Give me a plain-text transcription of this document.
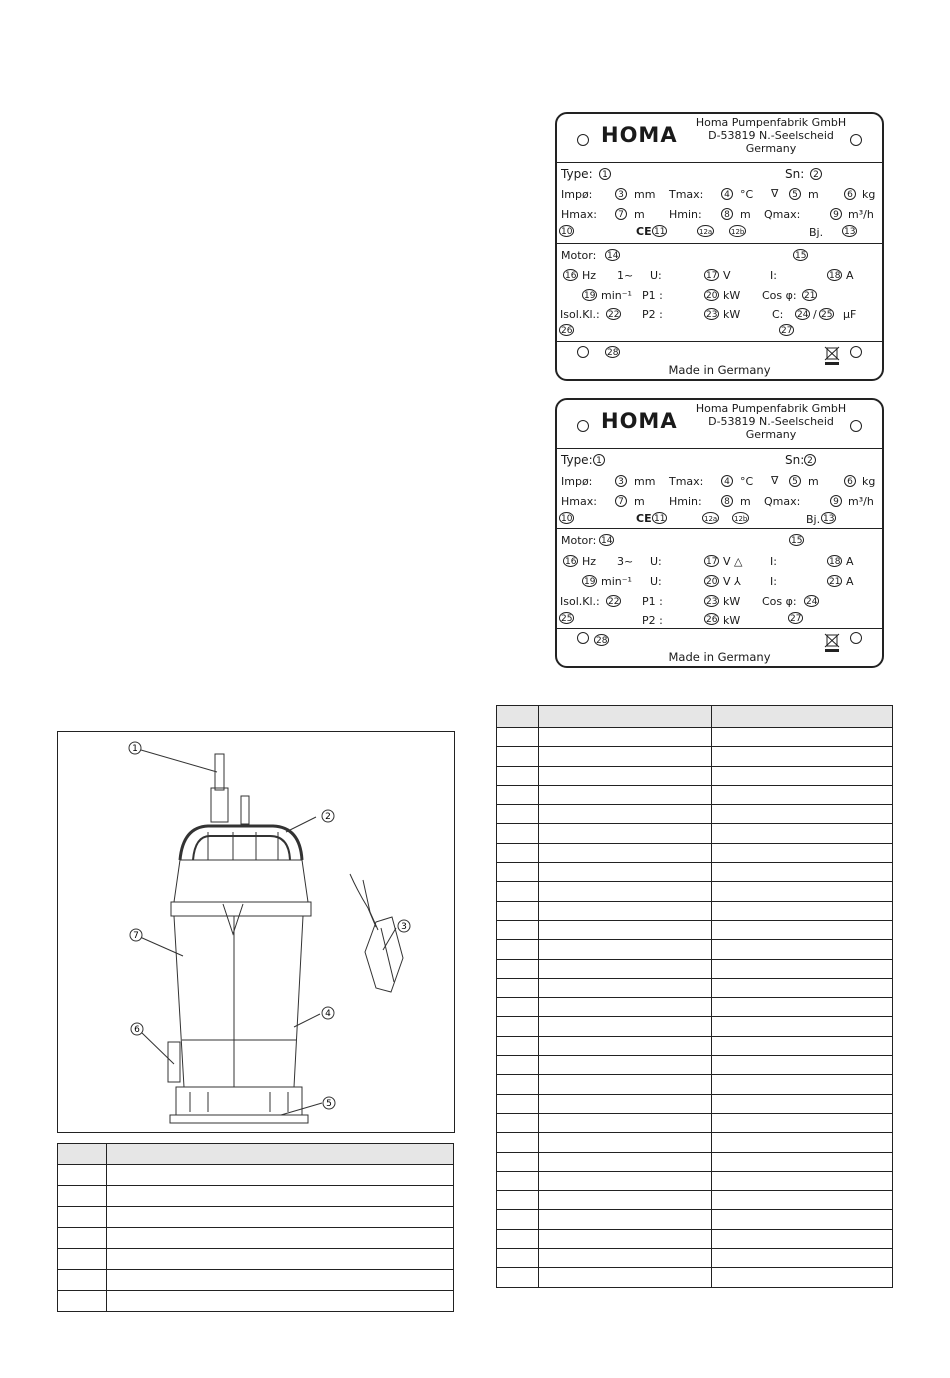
HOMA
Homa Pumpenfabrik GmbH
D-53819 N.-Seelscheid
Germany
Type:	1	Sn: 2
Impø:	3 mm Tmax:	4 °C ∇	5 m	6 kg
Hmax:	7 m Hmin:	8 m Qmax:	9 m³/h
10	CE 11	12a	12b	Bj. 13
Motor: 14	15
16 Hz 1~ U:	17 V	I:	18 A
19 min⁻¹ P1 :	20 kW Cos φ: 21
Isol.Kl.: 22 P2 :	23 kW	C: 24 / 25 µF
26	27
28
Made in Germany
HOMA
Homa Pumpenfabrik GmbH
D-53819 N.-Seelscheid
Germany
Type: 1	Sn: 2
Impø:	3 mm Tmax:	4 °C ∇	5 m	6 kg
Hmax:	7 m Hmin:	8 m Qmax:	9 m³/h
10	CE 11	12a 12b	Bj. 13
Motor: 14	15
16 Hz 3~ U:	17 V △	I:	18 A
19 min⁻¹ U:	20 V ⅄	I:	21 A
Isol.Kl.: 22 P1 :	23 kW Cos φ: 24
25	P2 :	26 kW	27
28
Made in Germany
1
2
3
4
5
6
7
